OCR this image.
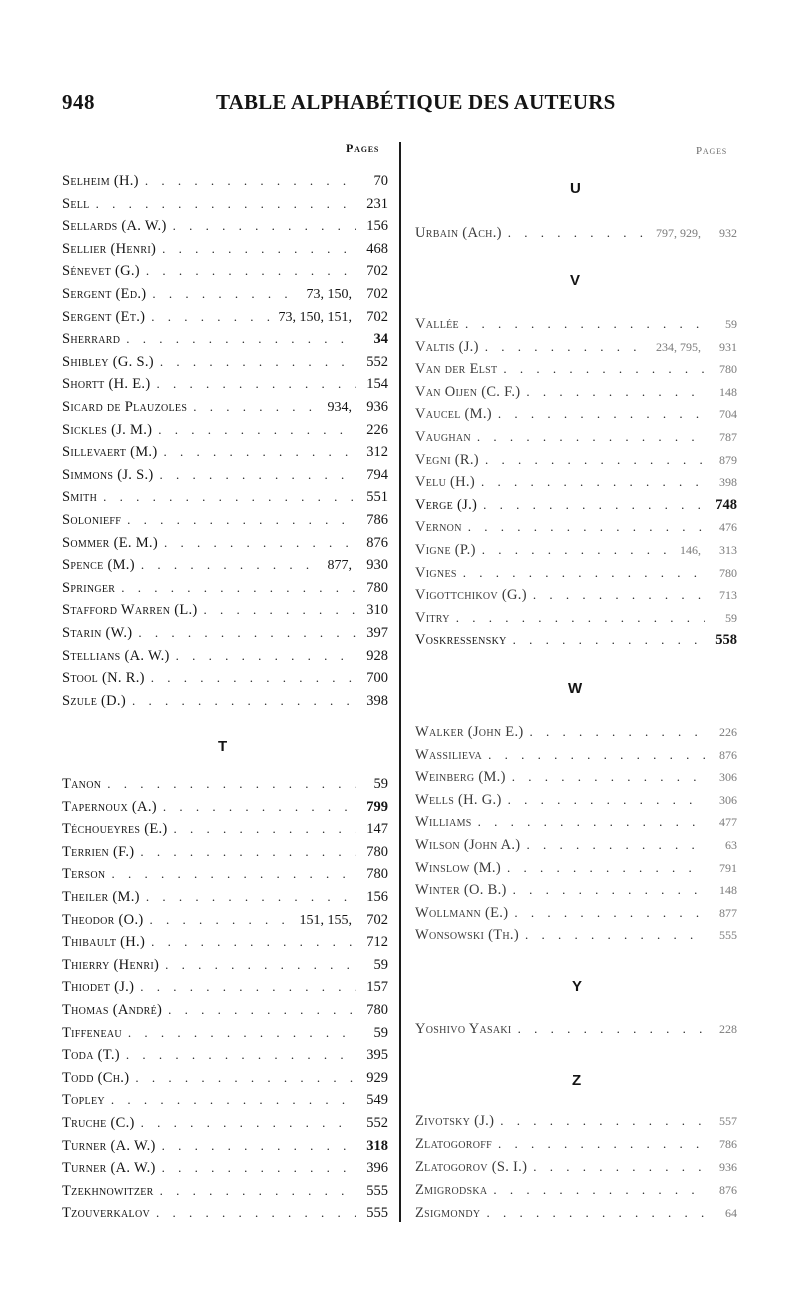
948	TABLE ALPHABÉTIQUE DES AUTEURS
Pages	Pages
Selheim (H.) . . .	70
Sell . . .	231
Sellards (A. W.) . . .	156
Sellier (Henri) . . .	468
Sénevet (G.) . . .	702
Sergent (Ed.) . . .	73, 150, 702
Sergent (Et.) . . .	73, 150, 151, 702
Sherrard . . .	34
Shibley (G. S.) . . .	552
Shortt (H. E.) . . .	154
Sicard de Plauzoles . . .	934, 936
Sickles (J. M.) . . .	226
Sillevaert (M.) . . .	312
Simmons (J. S.) . . .	794
Smith . . .	551
Solonieff . . .	786
Sommer (E. M.) . . .	876
Spence (M.) . . .	877, 930
Springer . . .	780
Stafford Warren (L.) . . .	310
Starin (W.) . . .	397
Stellians (A. W.) . . .	928
Stool (N. R.) . . .	700
Szule (D.) . . .	398
T
Tanon . . .	59
Tapernoux (A.) . . .	799
Téchoueyres (E.) . . .	147
Terrien (F.) . . .	780
Terson . . .	780
Theiler (M.) . . .	156
Theodor (O.) . . .	151, 155, 702
Thibault (H.) . . .	712
Thierry (Henri) . . .	59
Thiodet (J.) . . .	157
Thomas (André) . . .	780
Tiffeneau . . .	59
Toda (T.) . . .	395
Todd (Ch.) . . .	929
Topley . . .	549
Truche (C.) . . .	552
Turner (A. W.) . . .	318
Turner (A. W.) . . .	396
Tzekhnowitzer . . .	555
Tzouverkalov . . .	555
U
Urbain (Ach.) . . .	797, 929,	932
V
Vallée . . .	59
Valtis (J.) . . .	234, 795,	931
Van der Elst . . .	780
Van Oijen (C. F.) . . .	148
Vaucel (M.) . . .	704
Vaughan . . .	787
Vegni (R.) . . .	879
Velu (H.) . . .	398
Verge (J.) . . .	748
Vernon . . .	476
Vigne (P.) . . .	146,	313
Vignes . . .	780
Vigottchikov (G.) . . .	713
Vitry . . .	59
Voskressensky . . .	558
W
Walker (John E.) . . .	226
Wassilieva . . .	876
Weinberg (M.) . . .	306
Wells (H. G.) . . .	306
Williams . . .	477
Wilson (John A.) . . .	63
Winslow (M.) . . .	791
Winter (O. B.) . . .	148
Wollmann (E.) . . .	877
Wonsowski (Th.) . . .	555
Y
Yoshivo Yasaki . . .	228
Z
Zivotsky (J.) . . .	557
Zlatogoroff . . .	786
Zlatogorov (S. I.) . . .	936
Zmigrodska . . .	876
Zsigmondy . . .	64
